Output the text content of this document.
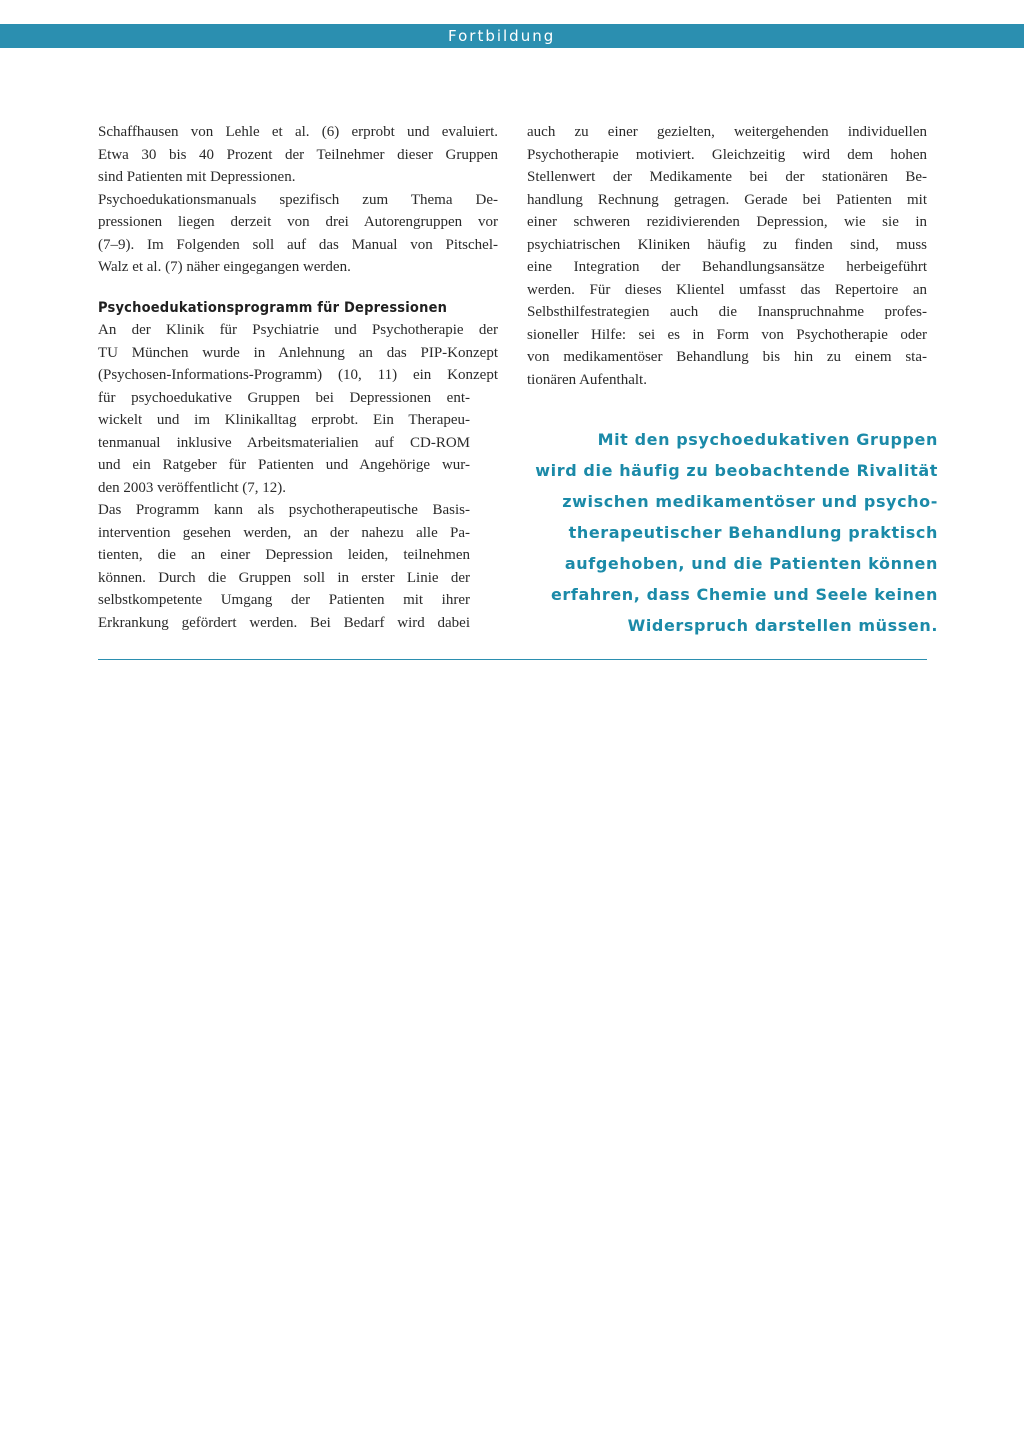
Fortbildung

Schaffhausen von Lehle et al. (6) erprobt und evaluiert.
Etwa 30 bis 40 Prozent der Teilnehmer dieser Gruppen
sind Patienten mit Depressionen.

Psychoedukationsmanuals spezifisch zum Thema De-
pressionen liegen derzeit von drei Autorengruppen vor
(7–9). Im Folgenden soll auf das Manual von Pitschel-
Walz et al. (7) näher eingegangen werden.

Psychoedukationsprogramm für Depressionen

An der Klinik für Psychiatrie und Psychotherapie der
TU München wurde in Anlehnung an das PIP-Konzept
(Psychosen-Informations-Programm) (10, 11) ein Konzept
für psychoedukative Gruppen bei Depressionen ent-
wickelt und im Klinikalltag erprobt. Ein Therapeu-
tenmanual inklusive Arbeitsmaterialien auf CD-ROM
und ein Ratgeber für Patienten und Angehörige wur-
den 2003 veröffentlicht (7, 12).

Das Programm kann als psychotherapeutische Basis-
intervention gesehen werden, an der nahezu alle Pa-
tienten, die an einer Depression leiden, teilnehmen
können. Durch die Gruppen soll in erster Linie der
selbstkompetente Umgang der Patienten mit ihrer
Erkrankung gefördert werden. Bei Bedarf wird dabei

auch zu einer gezielten, weitergehenden individuellen
Psychotherapie motiviert. Gleichzeitig wird dem hohen
Stellenwert der Medikamente bei der stationären Be-
handlung Rechnung getragen. Gerade bei Patienten mit
einer schweren rezidivierenden Depression, wie sie in
psychiatrischen Kliniken häufig zu finden sind, muss
eine Integration der Behandlungsansätze herbeigeführt
werden. Für dieses Klientel umfasst das Repertoire an
Selbsthilfestrategien auch die Inanspruchnahme profes-
sioneller Hilfe: sei es in Form von Psychotherapie oder
von medikamentöser Behandlung bis hin zu einem sta-
tionären Aufenthalt.

Mit den psychoedukativen Gruppen
wird die häufig zu beobachtende Rivalität
zwischen medikamentöser und psycho-
therapeutischer Behandlung praktisch
aufgehoben, und die Patienten können
erfahren, dass Chemie und Seele keinen
Widerspruch darstellen müssen.
